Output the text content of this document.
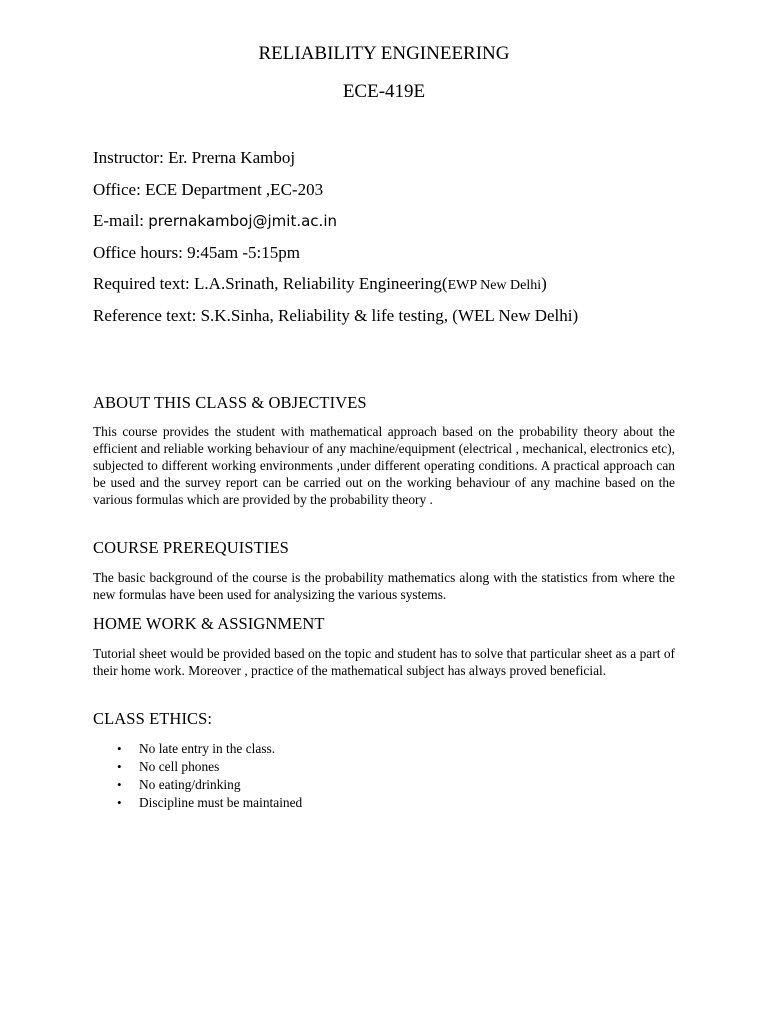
RELIABILITY ENGINEERING
ECE-419E
Instructor: Er. Prerna Kamboj
Office: ECE Department ,EC-203
E-mail: prernakamboj@jmit.ac.in
Office hours: 9:45am -5:15pm
Required text: L.A.Srinath, Reliability Engineering(EWP New Delhi)
Reference text: S.K.Sinha, Reliability & life testing, (WEL New Delhi)
ABOUT THIS CLASS & OBJECTIVES

This course provides the student with mathematical approach based on the probability theory about the efficient and reliable working behaviour of any machine/equipment (electrical , mechanical, electronics etc), subjected to different working environments ,under different operating conditions. A practical approach can be used and the survey report can be carried out on the working behaviour of any machine based on the various formulas which are provided by the probability theory .

COURSE PREREQUISTIES

The basic background of the course is the probability mathematics along with the statistics from where the new formulas have been used for analysizing the various systems.

HOME WORK & ASSIGNMENT

Tutorial sheet would be provided based on the topic and student has to solve that particular sheet as a part of their home work. Moreover , practice of the mathematical subject has always proved beneficial.

CLASS ETHICS:
• No late entry in the class.
• No cell phones
• No eating/drinking
• Discipline must be maintained
